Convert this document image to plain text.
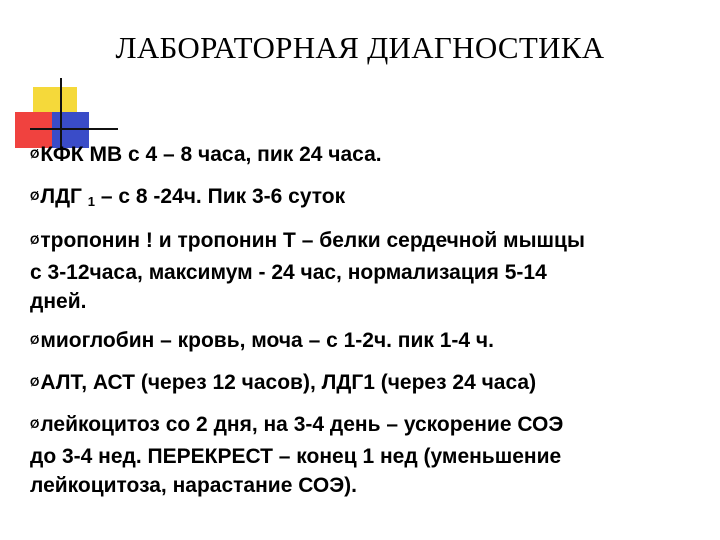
ЛАБОРАТОРНАЯ ДИАГНОСТИКА
ØКФК МВ с 4 – 8 часа, пик 24 часа.
ØЛДГ $_1$ – с 8 -24ч. Пик 3-6 суток
Øтропонин ! и тропонин T – белки сердечной мышцы
с 3-12часа, максимум - 24 час, нормализация 5-14
дней.
Øмиоглобин – кровь, моча – с 1-2ч. пик 1-4 ч.
ØАЛТ, АСТ (через 12 часов), ЛДГ1 (через 24 часа)
Øлейкоцитоз со 2 дня, на 3-4 день – ускорение СОЭ
до 3-4 нед. ПЕРЕКРЕСТ – конец 1 нед (уменьшение
лейкоцитоза, нарастание СОЭ).
